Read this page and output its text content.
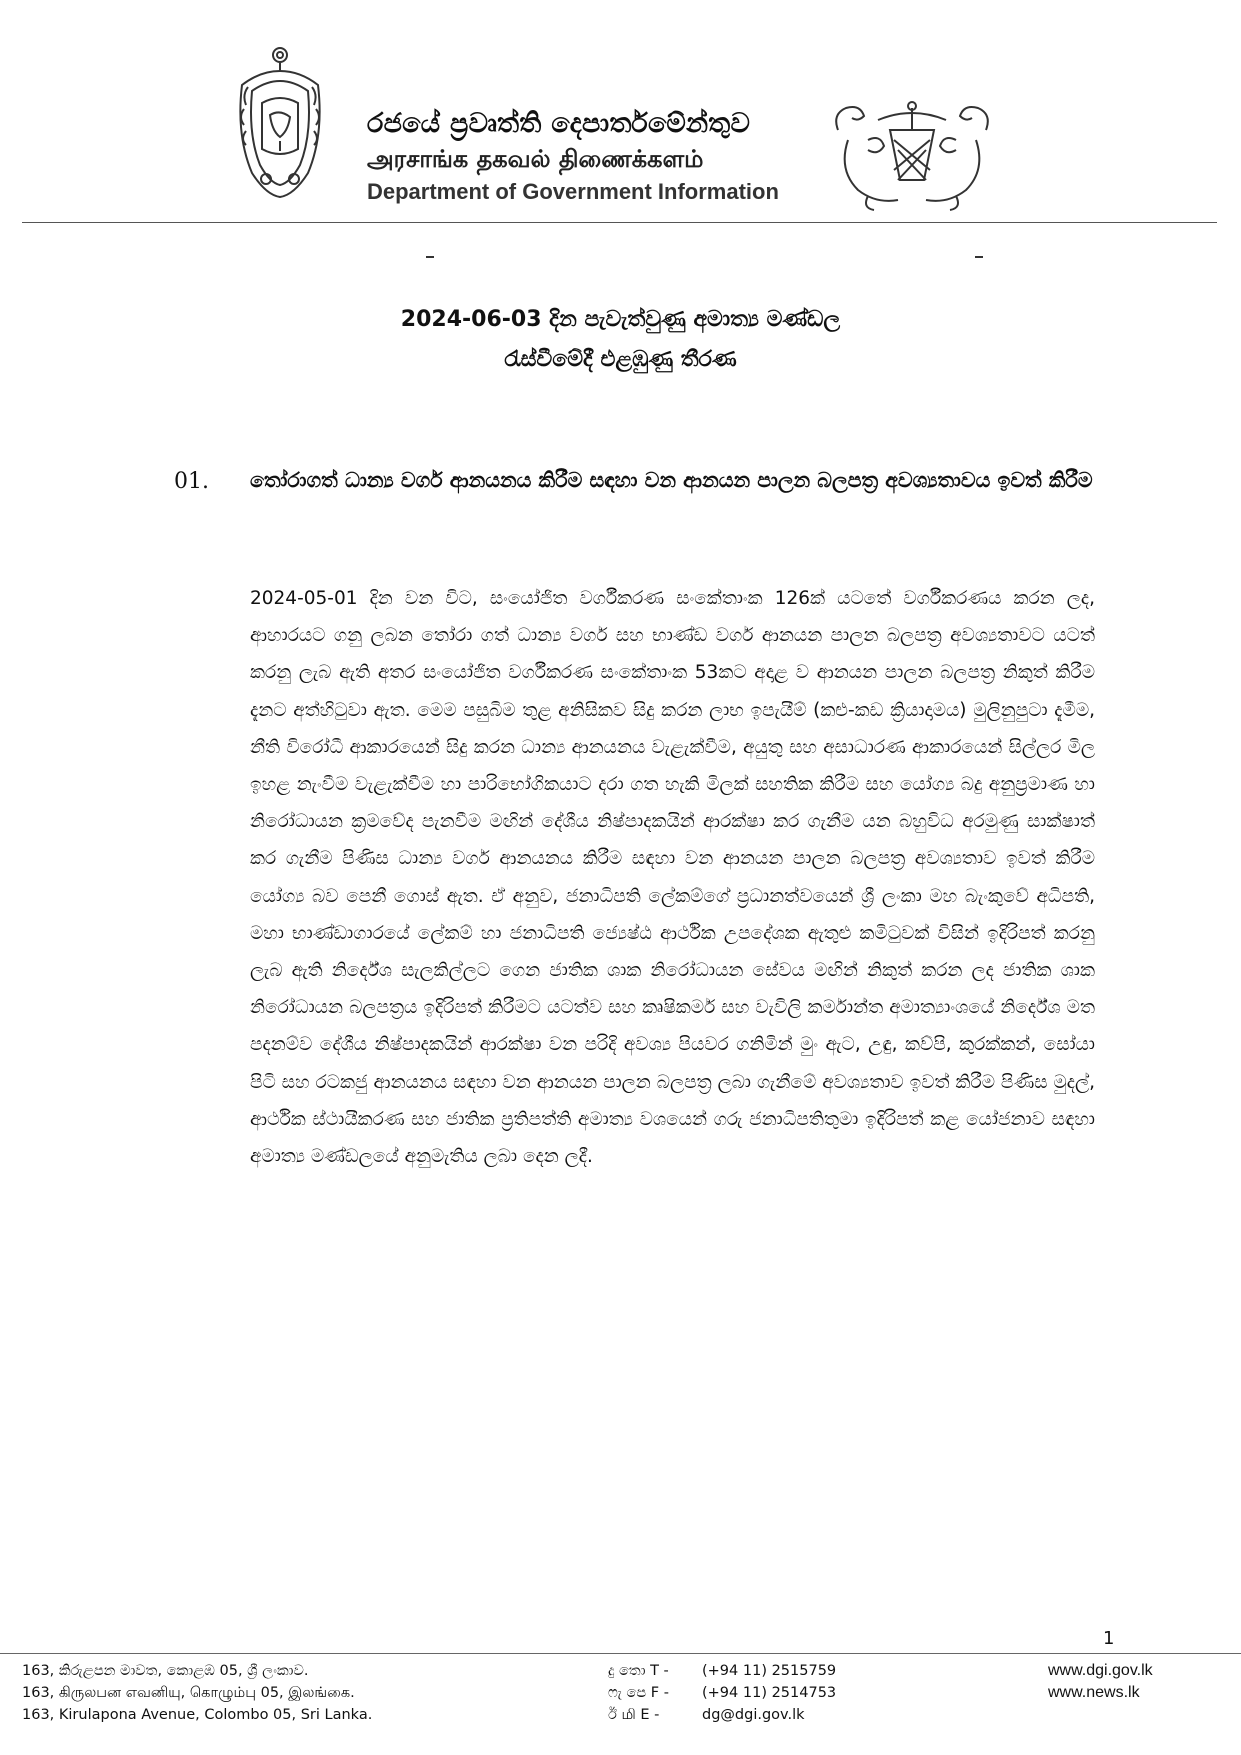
රජයේ ප්‍රවෘත්ති දෙපාර්තමේන්තුව
அரசாங்க தகவல் திணைக்களம்
Department of Government Information
2024-06-03 දින පැවැත්වුණු අමාත්‍ය මණ්ඩල
රැස්වීමේදී එළඹුණු තීරණ
01. තෝරාගත් ධාන්‍ය වර්ග ආනයනය කිරීම සඳහා වන ආනයන පාලන බලපත්‍ර අවශ්‍යතාවය ඉවත් කිරීම
2024-05-01 දින වන විට, සංයෝජිත වර්ගීකරණ සංකේතාංක 126ක් යටතේ වර්ගීකරණය කරන ලද, ආහාරයට ගනු ලබන තෝරා ගත් ධාන්‍ය වර්ග සහ භාණ්ඩ වර්ග ආනයන පාලන බලපත්‍ර අවශ්‍යතාවට යටත් කරනු ලැබ ඇති අතර සංයෝජිත වර්ගීකරණ සංකේතාංක 53කට අදාළ ව ආනයන පාලන බලපත්‍ර නිකුත් කිරීම දැනට අත්හිටුවා ඇත. මෙම පසුබිම තුළ අනිසිකව සිදු කරන ලාභ ඉපැයීම් (කළු-කඩ ක්‍රියාදාමය) මුලිනුපුටා දැමීම, නීති විරෝධී ආකාරයෙන් සිදු කරන ධාන්‍ය ආනයනය වැළැක්වීම, අයුතු සහ අසාධාරණ ආකාරයෙන් සිල්ලර මිල ඉහළ නැංවීම වැළැක්වීම හා පාරිභෝගිකයාට දරා ගත හැකි මිලක් සහතික කිරීම සහ යෝග්‍ය බදු අනුප්‍රමාණ හා නිරෝධායන ක්‍රමවේද පැනවීම මඟින් දේශීය නිෂ්පාදකයින් ආරක්ෂා කර ගැනීම යන බහුවිධ අරමුණු සාක්ෂාත් කර ගැනීම පිණිස ධාන්‍ය වර්ග ආනයනය කිරීම සඳහා වන ආනයන පාලන බලපත්‍ර අවශ්‍යතාව ඉවත් කිරීම යෝග්‍ය බව පෙනී ගොස් ඇත. ඒ අනුව, ජනාධිපති ලේකම්ගේ ප්‍රධානත්වයෙන් ශ්‍රී ලංකා මහ බැංකුවේ අධිපති, මහා භාණ්ඩාගාරයේ ලේකම් හා ජනාධිපති ජ්‍යෙෂ්ඨ ආර්ථික උපදේශක ඇතුළු කමිටුවක් විසින් ඉදිරිපත් කරනු ලැබ ඇති නිර්දේශ සැලකිල්ලට ගෙන ජාතික ශාක නිරෝධායන සේවය මඟින් නිකුත් කරන ලද ජාතික ශාක නිරෝධායන බලපත්‍රය ඉදිරිපත් කිරීමට යටත්ව සහ කෘෂිකර්ම සහ වැවිලි කර්මාන්ත අමාත්‍යාංශයේ නිර්දේශ මත පදනම්ව දේශීය නිෂ්පාදකයින් ආරක්ෂා වන පරිදි අවශ්‍ය පියවර ගනිමින් මුං ඇට, උඳු, කව්පි, කුරක්කන්, සෝයා පිටි සහ රටකජු ආනයනය සඳහා වන ආනයන පාලන බලපත්‍ර ලබා ගැනීමේ අවශ්‍යතාව ඉවත් කිරීම පිණිස මුදල්, ආර්ථික ස්ථායීකරණ සහ ජාතික ප්‍රතිපත්ති අමාත්‍ය වශයෙන් ගරු ජනාධිපතිතුමා ඉදිරිපත් කළ යෝජනාව සඳහා අමාත්‍ය මණ්ඩලයේ අනුමැතිය ලබා දෙන ලදී.
1
163, කිරුළපන මාවත, කොළඹ 05, ශ්‍රී ලංකාව.
163, கிருலபன எவனியு, கொழும்பு 05, இலங்கை.
163, Kirulapona Avenue, Colombo 05, Sri Lanka.
දු තො T - (+94 11) 2515759
ෆැ පෙ F - (+94 11) 2514753
ඊ மி E -	dg@dgi.gov.lk
www.dgi.gov.lk
www.news.lk
